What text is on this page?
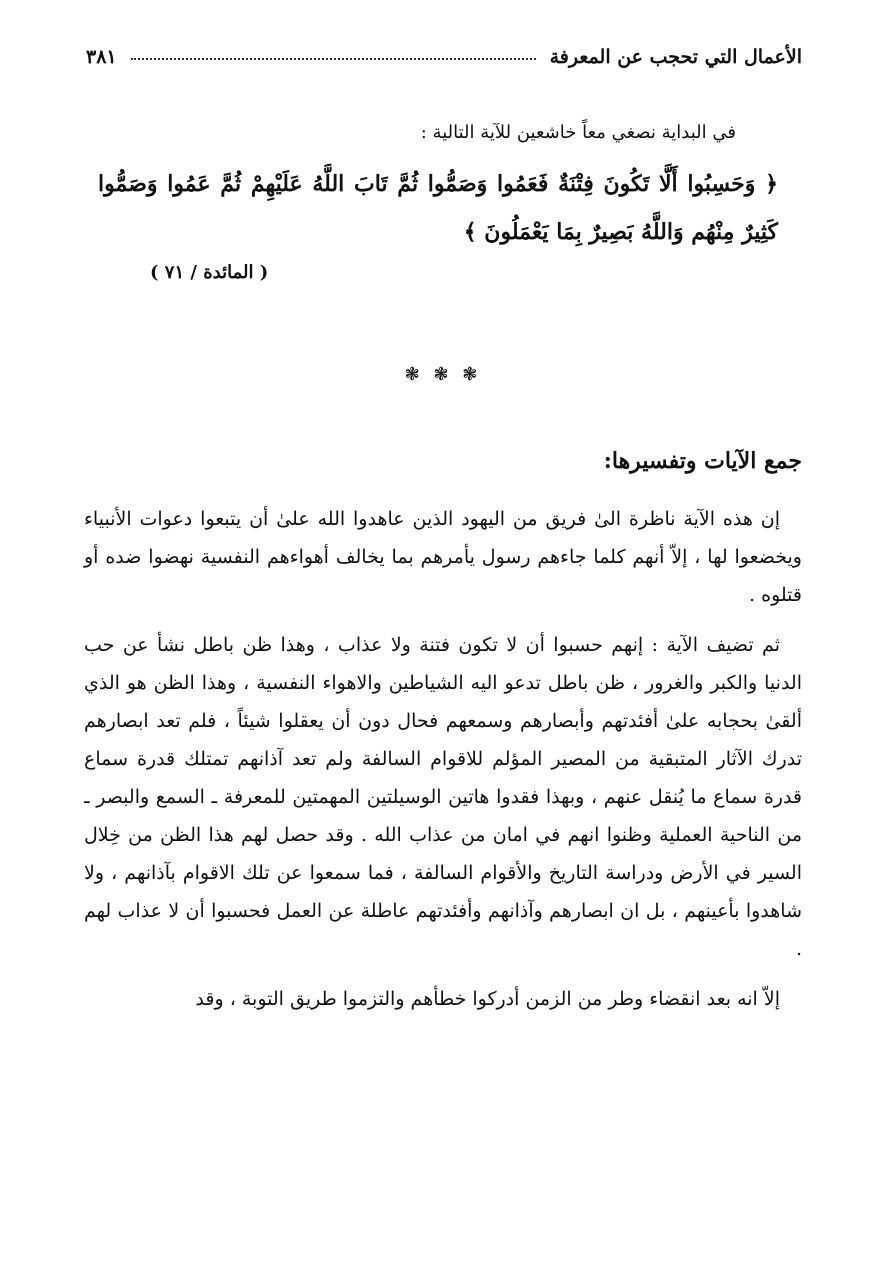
الأعمال التي تحجب عن المعرفة
٣٨١
في البداية نصغي معاً خاشعين للآية التالية :
﴿ وَحَسِبُوا أَلَّا تَكُونَ فِتْنَةٌ فَعَمُوا وَصَمُّوا ثُمَّ تَابَ اللَّهُ عَلَيْهِمْ ثُمَّ عَمُوا وَصَمُّوا كَثِيرٌ مِنْهُم وَاللَّهُ بَصِيرٌ بِمَا يَعْمَلُونَ ﴾
( المائدة / ٧١ )
❃ ❃ ❃
جمع الآيات وتفسيرها:

إن هذه الآية ناظرة الىٰ فريق من اليهود الذين عاهدوا الله علىٰ أن يتبعوا دعوات الأنبياء ويخضعوا لها ، إلاّ أنهم كلما جاءهم رسول يأمرهم بما يخالف أهواءهم النفسية نهضوا ضده أو قتلوه .

ثم تضيف الآية : إنهم حسبوا أن لا تكون فتنة ولا عذاب ، وهذا ظن باطل نشأ عن حب الدنيا والكبر والغرور ، ظن باطل تدعو اليه الشياطين والاهواء النفسية ، وهذا الظن هو الذي ألقىٰ بحجابه علىٰ أفئدتهم وأبصارهم وسمعهم فحال دون أن يعقلوا شيئاً ، فلم تعد ابصارهم تدرك الآثار المتبقية من المصير المؤلم للاقوام السالفة ولم تعد آذانهم تمتلك قدرة سماع قدرة سماع ما يُنقل عنهم ، وبهذا فقدوا هاتين الوسيلتين المهمتين للمعرفة ـ السمع والبصر ـ من الناحية العملية وظنوا انهم في امان من عذاب الله . وقد حصل لهم هذا الظن من خِلال السير في الأرض ودراسة التاريخ والأقوام السالفة ، فما سمعوا عن تلك الاقوام بآذانهم ، ولا شاهدوا بأعينهم ، بل ان ابصارهم وآذانهم وأفئدتهم عاطلة عن العمل فحسبوا أن لا عذاب لهم .

إلاّ انه بعد انقضاء وطر من الزمن أدركوا خطأهم والتزموا طريق التوبة ، وقد
